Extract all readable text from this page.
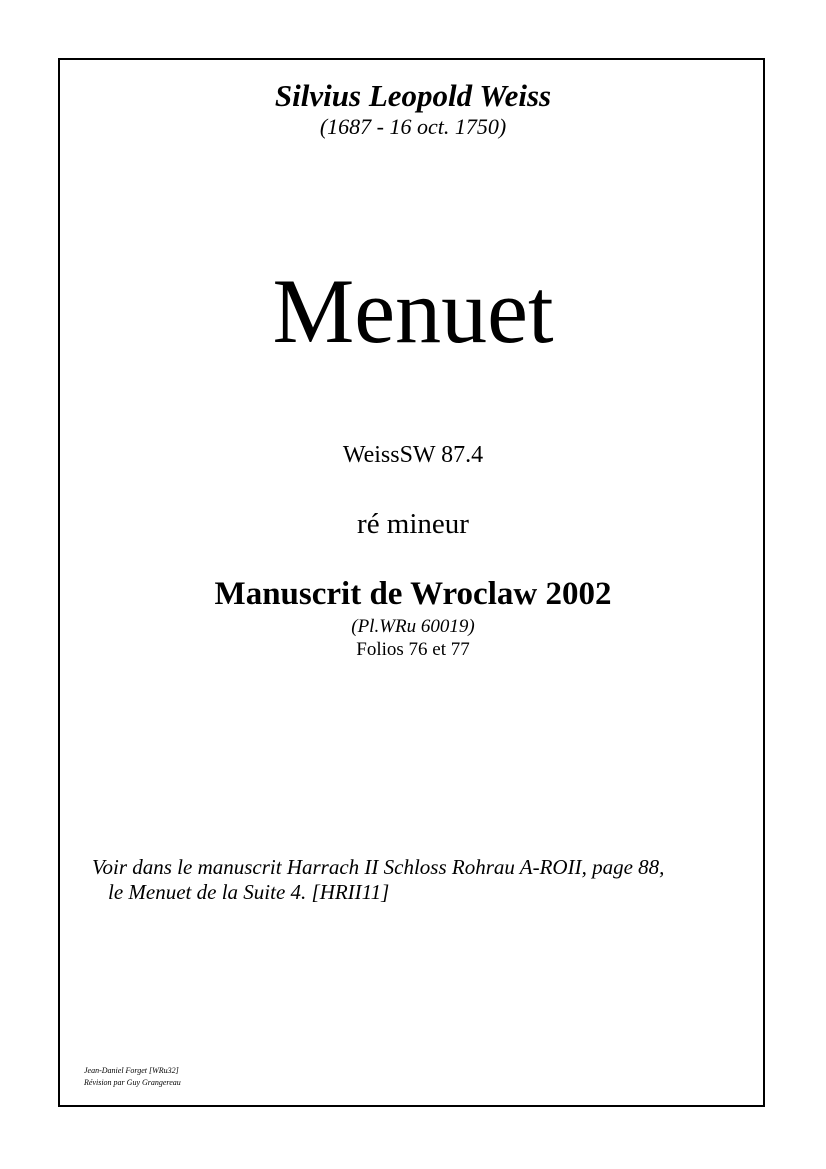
Silvius Leopold Weiss
(1687 - 16 oct. 1750)
Menuet
WeissSW 87.4
ré mineur
Manuscrit de Wroclaw 2002
(Pl.WRu 60019)
Folios 76 et 77
Voir dans le manuscrit Harrach II Schloss Rohrau A-ROII, page 88,
le Menuet de la Suite 4. [HRII11]
Jean-Daniel Forget [WRu32]
Révision par Guy Grangereau
